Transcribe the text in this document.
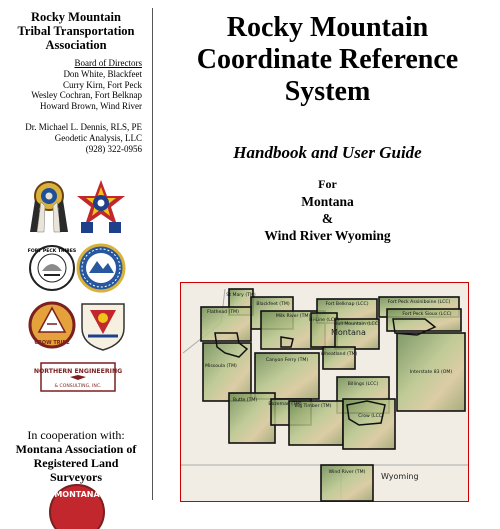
Rocky Mountain
Tribal Transportation
Association
Board of Directors
Don White, Blackfeet
Curry Kirn, Fort Peck
Wesley Cochran, Fort Belknap
Howard Brown, Wind River
Dr. Michael L. Dennis, RLS, PE
Geodetic Analysis, LLC
(928) 322-0956
FORT PECK TRIBES
CROW TRIBE
NORTHERN ENGINEERING
& CONSULTING, INC.
In cooperation with:
Montana Association of
Registered Land
Surveyors
MONTANA
Rocky Mountain
Coordinate Reference
System
Handbook and User Guide
For
Montana
&
Wind River Wyoming
St Mary (TM)
Blackfeet (TM)
Flathead (TM)
Milk River (TM)
Fort Belknap (LCC)	Fort Peck Assiniboine (LCC)
Fort Peck Sioux (LCC)
Hi-Line (LCC)
Bull Mountain (LCC)
Missoula (TM)
Canyon Ferry (TM)
Wheatland (TM)
Interstate 83 (OM)
Billings (LCC)
Butte (TM)
Bozeman (TM)
Big Timber (TM)
Crow (LCC)
Wind River (TM)
Montana
Wyoming
